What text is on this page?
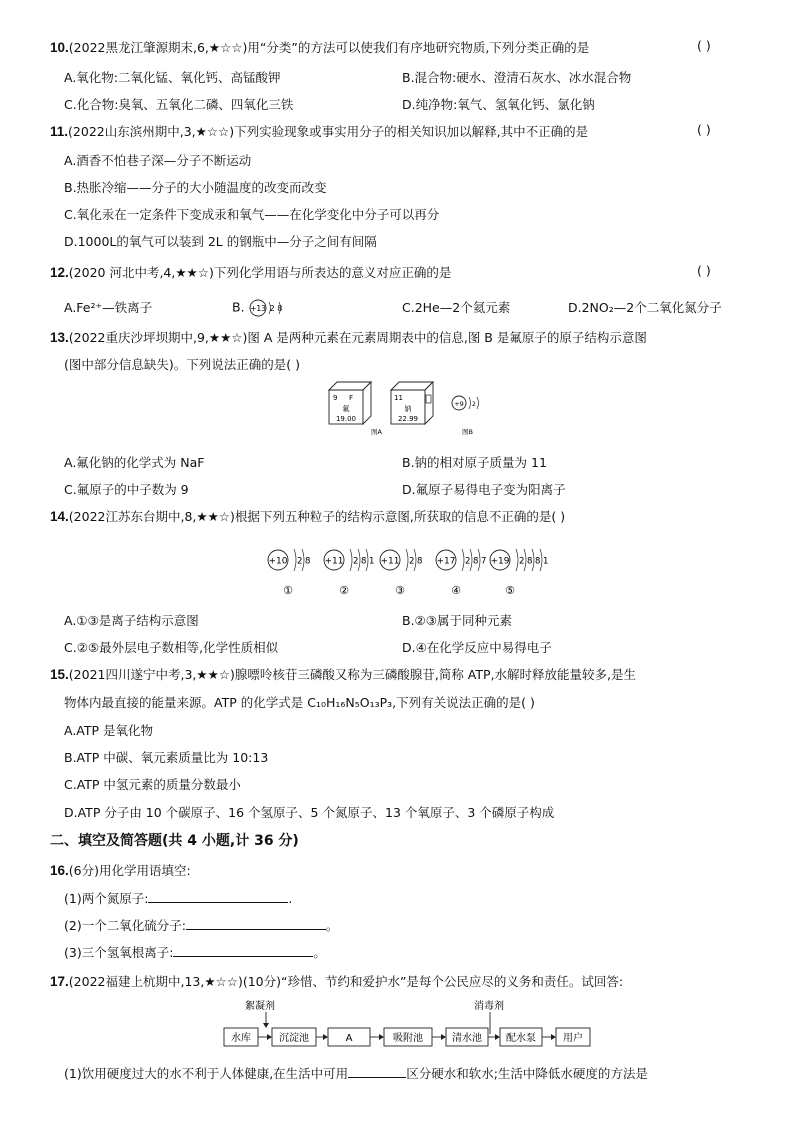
10.(2022黑龙江肇源期末,6,★☆☆)用“分类”的方法可以使我们有序地研究物质,下列分类正确的是	( )
A.氧化物:二氧化锰、氧化钙、高锰酸钾	B.混合物:硬水、澄清石灰水、冰水混合物
C.化合物:臭氧、五氧化二磷、四氧化三铁	D.纯净物:氧气、氢氧化钙、氯化钠
11.(2022山东滨州期中,3,★☆☆)下列实验现象或事实用分子的相关知识加以解释,其中不正确的是	( )
A.酒香不怕巷子深—分子不断运动
B.热胀冷缩——分子的大小随温度的改变而改变
C.氧化汞在一定条件下变成汞和氧气——在化学变化中分子可以再分
D.1000L的氧气可以装到 2L 的钢瓶中—分子之间有间隔
12.(2020 河北中考,4,★★☆)下列化学用语与所表达的意义对应正确的是	( )
A.Fe²⁺—铁离子	B. +13 2 8	C.2He—2个氦元素	D.2NO₂—2个二氧化氮分子
13.(2022重庆沙坪坝期中,9,★★☆)图 A 是两种元素在元素周期表中的信息,图 B 是氟原子的原子结构示意图
(图中部分信息缺失)。下列说法正确的是( )
9 F
氟
19.00
11
钠
22.99
+9 2
图A	图B
A.氟化钠的化学式为 NaF	B.钠的相对原子质量为 11
C.氟原子的中子数为 9	D.氟原子易得电子变为阳离子
14.(2022江苏东台期中,8,★★☆)根据下列五种粒子的结构示意图,所获取的信息不正确的是( )
+10 2 8
①
+11 2 8 1
②
+11 2 8
③
+17 2 8 7
④
+19 2 8 8 1
⑤
A.①③是离子结构示意图	B.②③属于同种元素
C.②⑤最外层电子数相等,化学性质相似	D.④在化学反应中易得电子
15.(2021四川遂宁中考,3,★★☆)腺嘌呤核苷三磷酸又称为三磷酸腺苷,简称 ATP,水解时释放能量较多,是生
物体内最直接的能量来源。ATP 的化学式是 C₁₀H₁₆N₅O₁₃P₃,下列有关说法正确的是( )
A.ATP 是氧化物
B.ATP 中碳、氧元素质量比为 10:13
C.ATP 中氢元素的质量分数最小
D.ATP 分子由 10 个碳原子、16 个氢原子、5 个氮原子、13 个氧原子、3 个磷原子构成
二、填空及简答题(共 4 小题,计 36 分)
16.(6分)用化学用语填空:
(1)两个氮原子:	.
(2)一个二氧化硫分子:	。
(3)三个氢氧根离子:	。
17.(2022福建上杭期中,13,★☆☆)(10分)“珍惜、节约和爱护水”是每个公民应尽的义务和责任。试回答:
水库	沉淀池	A	吸附池	清水池 配水泵	用户
絮凝剂	消毒剂
(1)饮用硬度过大的水不利于人体健康,在生活中可用	区分硬水和软水;生活中降低水硬度的方法是
